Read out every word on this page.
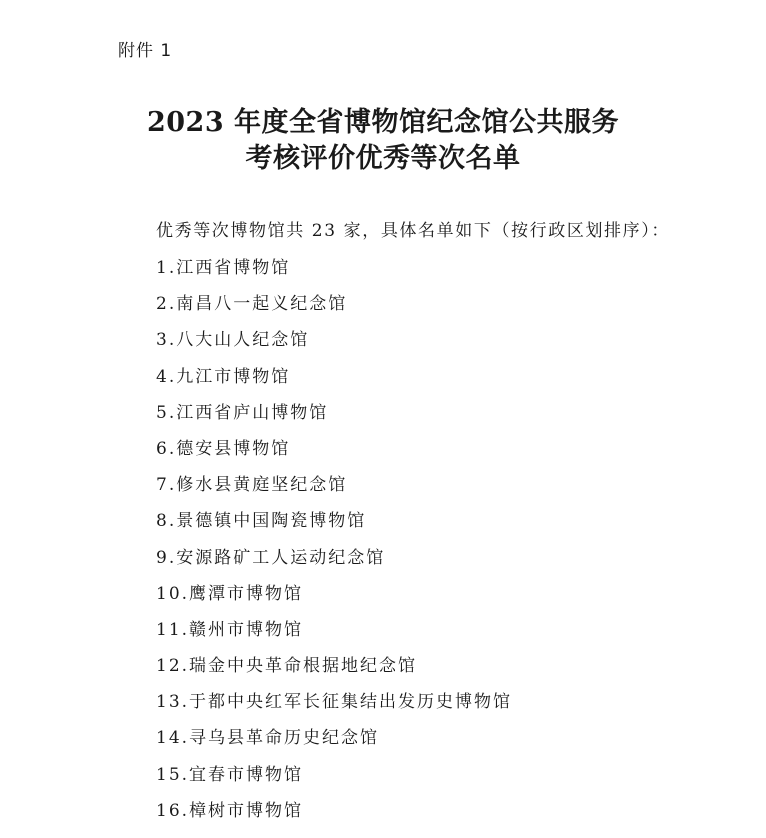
附件 1
2023 年度全省博物馆纪念馆公共服务
考核评价优秀等次名单
优秀等次博物馆共 23 家，具体名单如下（按行政区划排序）：
1.江西省博物馆
2.南昌八一起义纪念馆
3.八大山人纪念馆
4.九江市博物馆
5.江西省庐山博物馆
6.德安县博物馆
7.修水县黄庭坚纪念馆
8.景德镇中国陶瓷博物馆
9.安源路矿工人运动纪念馆
10.鹰潭市博物馆
11.赣州市博物馆
12.瑞金中央革命根据地纪念馆
13.于都中央红军长征集结出发历史博物馆
14.寻乌县革命历史纪念馆
15.宜春市博物馆
16.樟树市博物馆
